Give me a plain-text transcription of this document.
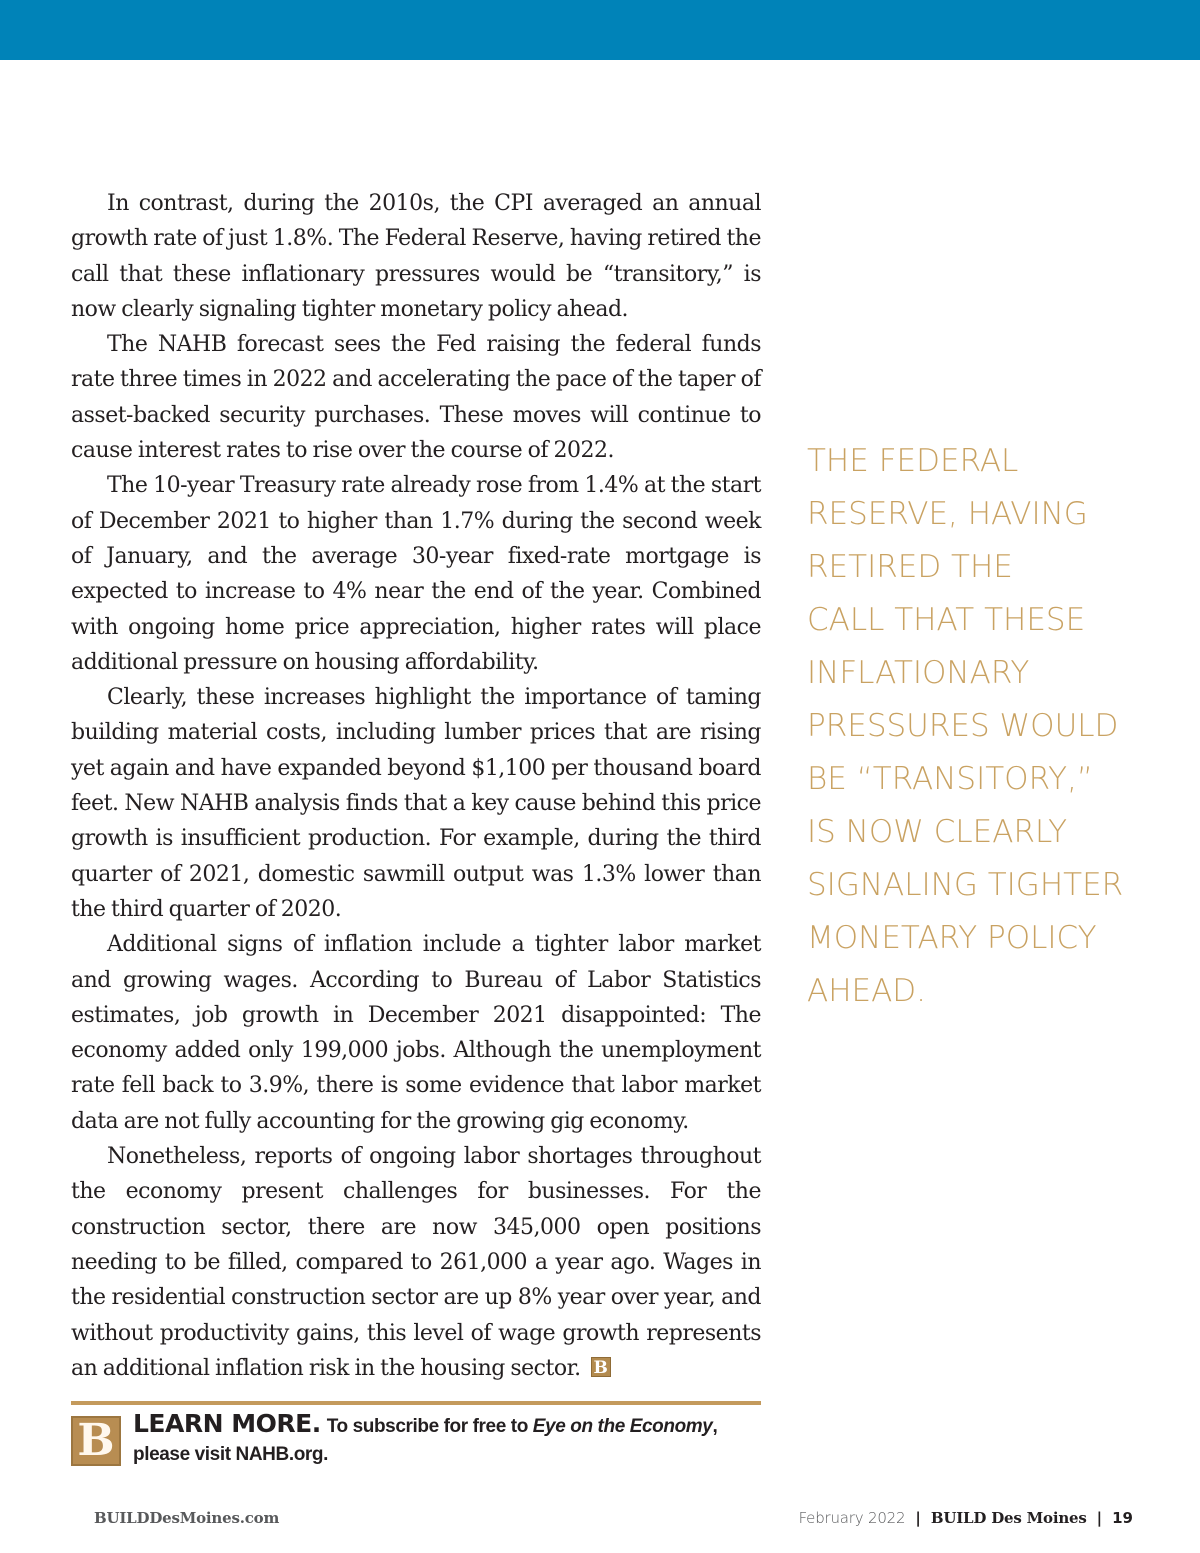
In contrast, during the 2010s, the CPI averaged an annual growth rate of just 1.8%. The Federal Reserve, having retired the call that these inflationary pressures would be “transitory,” is now clearly signaling tighter monetary policy ahead.

The NAHB forecast sees the Fed raising the federal funds rate three times in 2022 and accelerating the pace of the taper of asset-backed security purchases. These moves will continue to cause interest rates to rise over the course of 2022.

The 10-year Treasury rate already rose from 1.4% at the start of December 2021 to higher than 1.7% during the second week of January, and the average 30-year fixed-rate mortgage is expected to increase to 4% near the end of the year. Combined with ongoing home price appreciation, higher rates will place additional pressure on housing affordability.

Clearly, these increases highlight the importance of taming building material costs, including lumber prices that are rising yet again and have expanded beyond $1,100 per thousand board feet. New NAHB analysis finds that a key cause behind this price growth is insufficient production. For example, during the third quarter of 2021, domestic sawmill output was 1.3% lower than the third quarter of 2020.

Additional signs of inflation include a tighter labor market and growing wages. According to Bureau of Labor Statistics estimates, job growth in December 2021 disappointed: The economy added only 199,000 jobs. Although the unemployment rate fell back to 3.9%, there is some evidence that labor market data are not fully accounting for the growing gig economy.

Nonetheless, reports of ongoing labor shortages throughout the economy present challenges for businesses. For the construction sector, there are now 345,000 open positions needing to be filled, compared to 261,000 a year ago. Wages in the residential construction sector are up 8% year over year, and without productivity gains, this level of wage growth represents an additional inflation risk in the housing sector. B

THE FEDERAL
RESERVE, HAVING
RETIRED THE
CALL THAT THESE
INFLATIONARY
PRESSURES WOULD
BE “TRANSITORY,”
IS NOW CLEARLY
SIGNALING TIGHTER
MONETARY POLICY
AHEAD.
B LEARN MORE. To subscribe for free to Eye on the Economy,
please visit NAHB.org.
BUILDDesMoines.com	February 2022 | BUILD Des Moines | 19
